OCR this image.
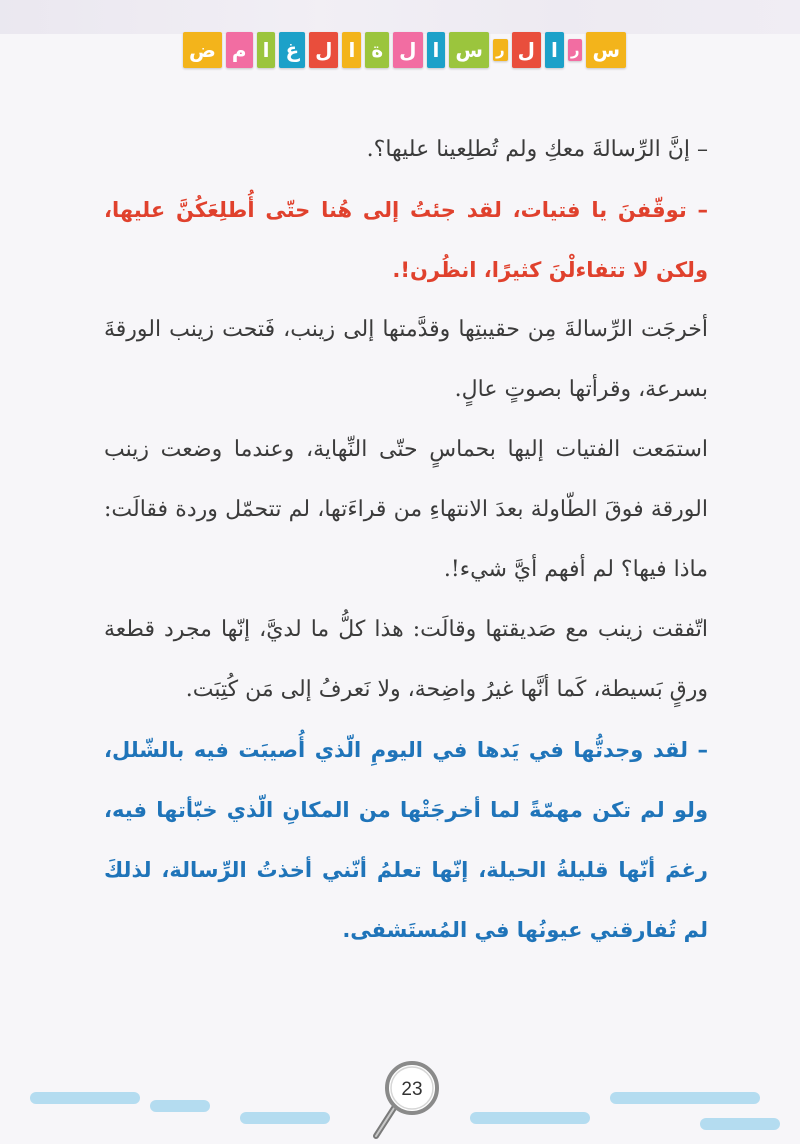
ض م ا غ ل ا ة ل ا س ر ل ا ر س

– إنَّ الرِّسالةَ معكِ ولم تُطلِعينا عليها؟.

– توقّفنَ يا فتيات، لقد جئتُ إلى هُنا حتّى أُطلِعَكُنَّ عليها، ولكن لا تتفاءلْنَ كثيرًا، انظُرن!.

أخرجَت الرِّسالةَ مِن حقيبتِها وقدَّمتها إلى زينب، فَتحت زينب الورقةَ بسرعة، وقرأتها بصوتٍ عالٍ.

استمَعت الفتيات إليها بحماسٍ حتّى النِّهاية، وعندما وضعت زينب الورقة فوقَ الطّاولة بعدَ الانتهاءِ من قراءَتها، لم تتحمّل وردة فقالَت: ماذا فيها؟ لم أفهم أيَّ شيء!.

اتّفقت زينب مع صَديقتها وقالَت: هذا كلُّ ما لديَّ، إنّها مجرد قطعة ورقٍ بَسيطة، كَما أنَّها غيرُ واضِحة، ولا نَعرفُ إلى مَن كُتِبَت.

– لقد وجدتُّها في يَدها في اليومِ الّذي أُصيبَت فيه بالشّلل، ولو لم تكن مهمّةً لما أخرجَتْها من المكانِ الّذي خبّأتها فيه، رغمَ أنّها قليلةُ الحيلة، إنّها تعلمُ أنّني أخذتُ الرِّسالة، لذلكَ لم تُفارقني عيونُها في المُستَشفى.

23
